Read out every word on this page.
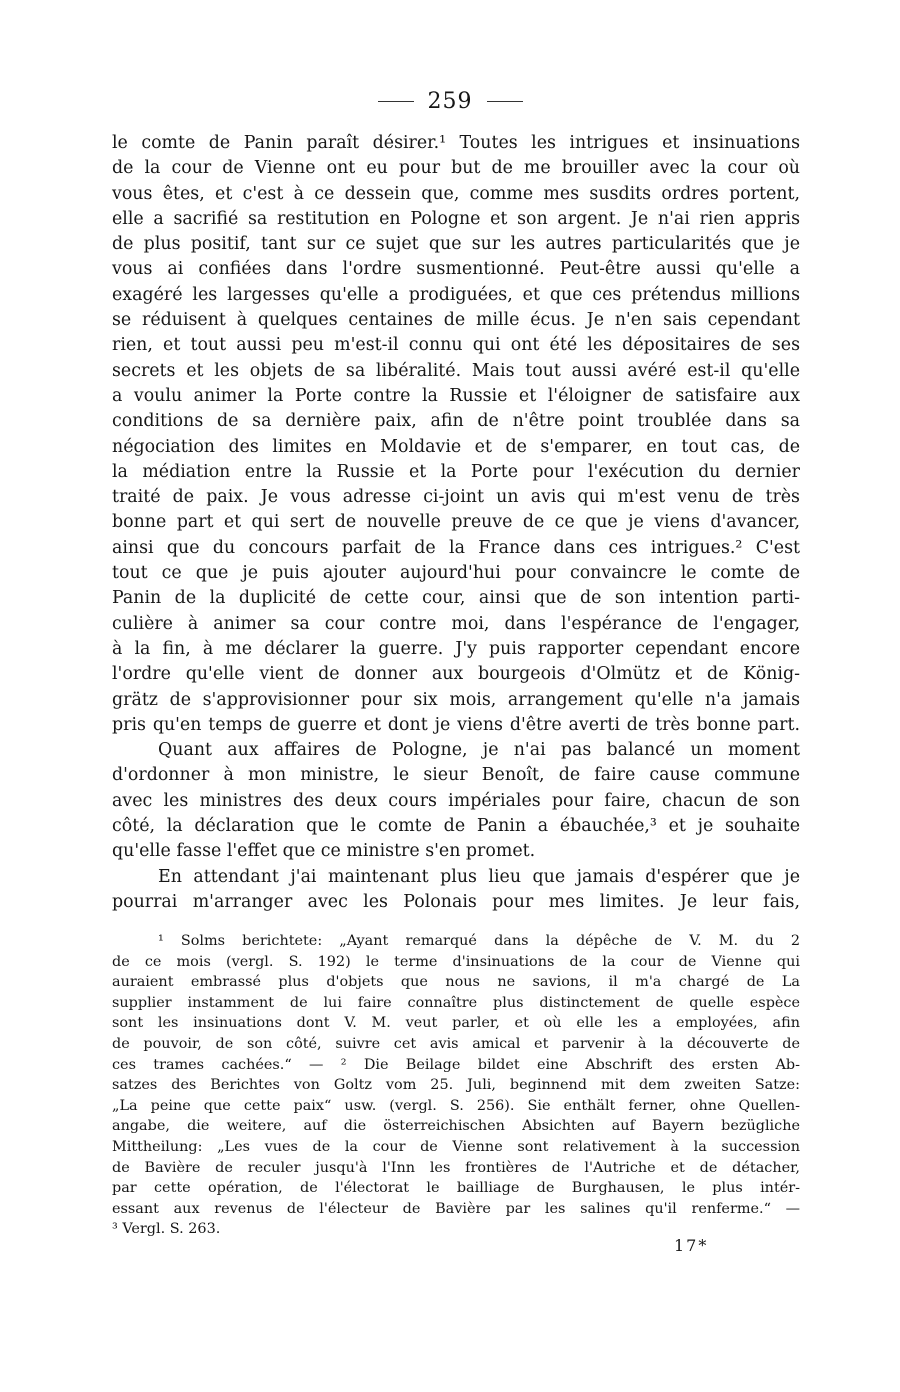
259

le comte de Panin paraît désirer.¹ Toutes les intrigues et insinuations
de la cour de Vienne ont eu pour but de me brouiller avec la cour où
vous êtes, et c'est à ce dessein que, comme mes susdits ordres portent,
elle a sacrifié sa restitution en Pologne et son argent. Je n'ai rien appris
de plus positif, tant sur ce sujet que sur les autres particularités que je
vous ai confiées dans l'ordre susmentionné. Peut-être aussi qu'elle a
exagéré les largesses qu'elle a prodiguées, et que ces prétendus millions
se réduisent à quelques centaines de mille écus. Je n'en sais cependant
rien, et tout aussi peu m'est-il connu qui ont été les dépositaires de ses
secrets et les objets de sa libéralité. Mais tout aussi avéré est-il qu'elle
a voulu animer la Porte contre la Russie et l'éloigner de satisfaire aux
conditions de sa dernière paix, afin de n'être point troublée dans sa
négociation des limites en Moldavie et de s'emparer, en tout cas, de
la médiation entre la Russie et la Porte pour l'exécution du dernier
traité de paix. Je vous adresse ci-joint un avis qui m'est venu de très
bonne part et qui sert de nouvelle preuve de ce que je viens d'avancer,
ainsi que du concours parfait de la France dans ces intrigues.² C'est
tout ce que je puis ajouter aujourd'hui pour convaincre le comte de
Panin de la duplicité de cette cour, ainsi que de son intention parti-
culière à animer sa cour contre moi, dans l'espérance de l'engager,
à la fin, à me déclarer la guerre. J'y puis rapporter cependant encore
l'ordre qu'elle vient de donner aux bourgeois d'Olmütz et de König-
grätz de s'approvisionner pour six mois, arrangement qu'elle n'a jamais
pris qu'en temps de guerre et dont je viens d'être averti de très bonne part.

Quant aux affaires de Pologne, je n'ai pas balancé un moment
d'ordonner à mon ministre, le sieur Benoît, de faire cause commune
avec les ministres des deux cours impériales pour faire, chacun de son
côté, la déclaration que le comte de Panin a ébauchée,³ et je souhaite
qu'elle fasse l'effet que ce ministre s'en promet.

En attendant j'ai maintenant plus lieu que jamais d'espérer que je
pourrai m'arranger avec les Polonais pour mes limites. Je leur fais,

¹ Solms berichtete: „Ayant remarqué dans la dépêche de V. M. du 2
de ce mois (vergl. S. 192) le terme d'insinuations de la cour de Vienne qui
auraient embrassé plus d'objets que nous ne savions, il m'a chargé de La
supplier instamment de lui faire connaître plus distinctement de quelle espèce
sont les insinuations dont V. M. veut parler, et où elle les a employées, afin
de pouvoir, de son côté, suivre cet avis amical et parvenir à la découverte de
ces trames cachées.“ — ² Die Beilage bildet eine Abschrift des ersten Ab-
satzes des Berichtes von Goltz vom 25. Juli, beginnend mit dem zweiten Satze:
„La peine que cette paix“ usw. (vergl. S. 256). Sie enthält ferner, ohne Quellen-
angabe, die weitere, auf die österreichischen Absichten auf Bayern bezügliche
Mittheilung: „Les vues de la cour de Vienne sont relativement à la succession
de Bavière de reculer jusqu'à l'Inn les frontières de l'Autriche et de détacher,
par cette opération, de l'électorat le bailliage de Burghausen, le plus intér-
essant aux revenus de l'électeur de Bavière par les salines qu'il renferme.“ —
³ Vergl. S. 263.
17*
